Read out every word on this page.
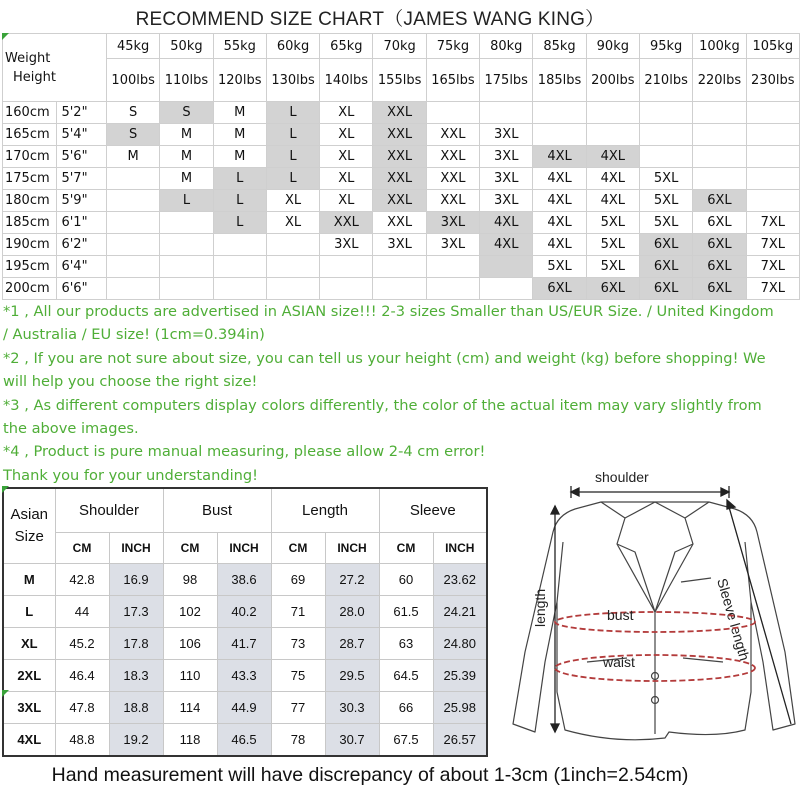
RECOMMEND SIZE CHART（JAMES WANG KING）
Weight
Height		45kg	50kg	55kg	60kg	65kg	70kg	75kg	80kg	85kg	90kg	95kg	100kg	105kg
		100lbs	110lbs	120lbs	130lbs	140lbs	155lbs	165lbs	175lbs	185lbs	200lbs	210lbs	220lbs	230lbs
160cm	5'2"	S	S	M	L	XL	XXL							
165cm	5'4"	S	M	M	L	XL	XXL	XXL	3XL					
170cm	5'6"	M	M	M	L	XL	XXL	XXL	3XL	4XL	4XL			
175cm	5'7"		M	L	L	XL	XXL	XXL	3XL	4XL	4XL	5XL		
180cm	5'9"		L	L	XL	XL	XXL	XXL	3XL	4XL	4XL	5XL	6XL	
185cm	6'1"			L	XL	XXL	XXL	3XL	4XL	4XL	5XL	5XL	6XL	7XL
190cm	6'2"					3XL	3XL	3XL	4XL	4XL	5XL	6XL	6XL	7XL
195cm	6'4"									5XL	5XL	6XL	6XL	7XL
200cm	6'6"									6XL	6XL	6XL	6XL	7XL
*1 , All our products are advertised in ASIAN size!!! 2-3 sizes Smaller than US/EUR Size. / United Kingdom
/ Australia / EU size! (1cm=0.394in)
*2 , If you are not sure about size, you can tell us your height (cm) and weight (kg) before shopping! We
will help you choose the right size!
*3 , As different computers display colors differently, the color of the actual item may vary slightly from
the above images.
*4 , Product is pure manual measuring, please allow 2-4 cm error!
Thank you for your understanding!
Asian
Size	Shoulder		Bust		Length		Sleeve	
	CM	INCH	CM	INCH	CM	INCH	CM	INCH
M	42.8	16.9	98	38.6	69	27.2	60	23.62
L	44	17.3	102	40.2	71	28.0	61.5	24.21
XL	45.2	17.8	106	41.7	73	28.7	63	24.80
2XL	46.4	18.3	110	43.3	75	29.5	64.5	25.39
3XL	47.8	18.8	114	44.9	77	30.3	66	25.98
4XL	48.8	19.2	118	46.5	78	30.7	67.5	26.57
shoulder
length	Sleeve length
bust
waist
Hand measurement will have discrepancy of about 1-3cm (1inch=2.54cm)
